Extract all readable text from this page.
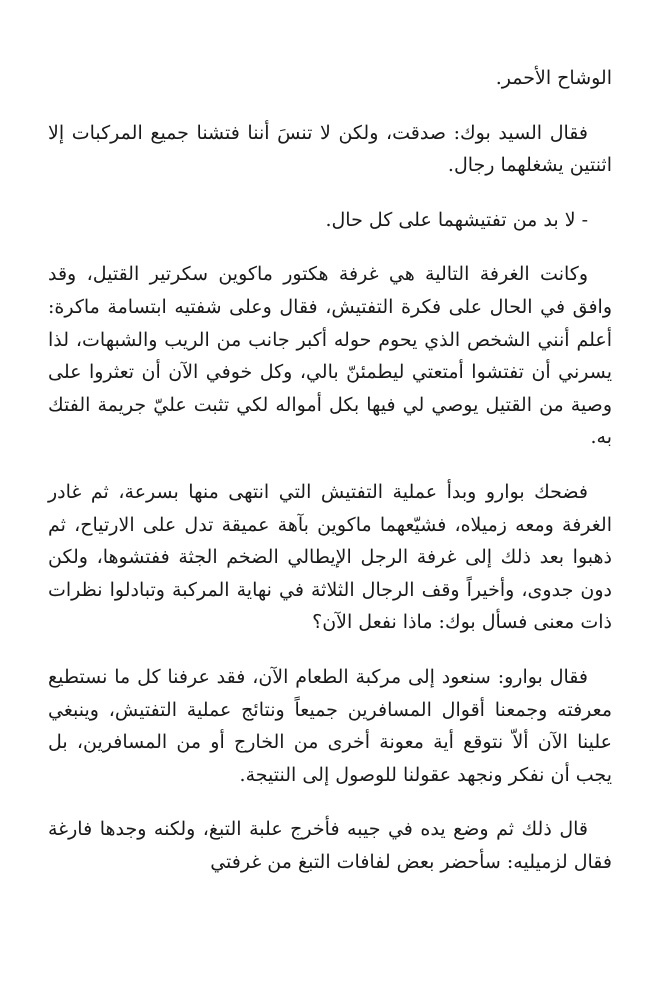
الوشاح الأحمر.

فقال السيد بوك: صدقت، ولكن لا تنسَ أننا فتشنا جميع المركبات إلا اثنتين يشغلهما رجال.

- لا بد من تفتيشهما على كل حال.

وكانت الغرفة التالية هي غرفة هكتور ماكوين سكرتير القتيل، وقد وافق في الحال على فكرة التفتيش، فقال وعلى شفتيه ابتسامة ماكرة: أعلم أنني الشخص الذي يحوم حوله أكبر جانب من الريب والشبهات، لذا يسرني أن تفتشوا أمتعتي ليطمئنّ بالي، وكل خوفي الآن أن تعثروا على وصية من القتيل يوصي لي فيها بكل أمواله لكي تثبت عليّ جريمة الفتك به.

فضحك بوارو وبدأ عملية التفتيش التي انتهى منها بسرعة، ثم غادر الغرفة ومعه زميلاه، فشيّعهما ماكوين بآهة عميقة تدل على الارتياح، ثم ذهبوا بعد ذلك إلى غرفة الرجل الإيطالي الضخم الجثة ففتشوها، ولكن دون جدوى، وأخيراً وقف الرجال الثلاثة في نهاية المركبة وتبادلوا نظرات ذات معنى فسأل بوك: ماذا نفعل الآن؟

فقال بوارو: سنعود إلى مركبة الطعام الآن، فقد عرفنا كل ما نستطيع معرفته وجمعنا أقوال المسافرين جميعاً ونتائج عملية التفتيش، وينبغي علينا الآن ألاّ نتوقع أية معونة أخرى من الخارج أو من المسافرين، بل يجب أن نفكر ونجهد عقولنا للوصول إلى النتيجة.

قال ذلك ثم وضع يده في جيبه فأخرج علبة التبغ، ولكنه وجدها فارغة فقال لزميليه: سأحضر بعض لفافات التبغ من غرفتي
